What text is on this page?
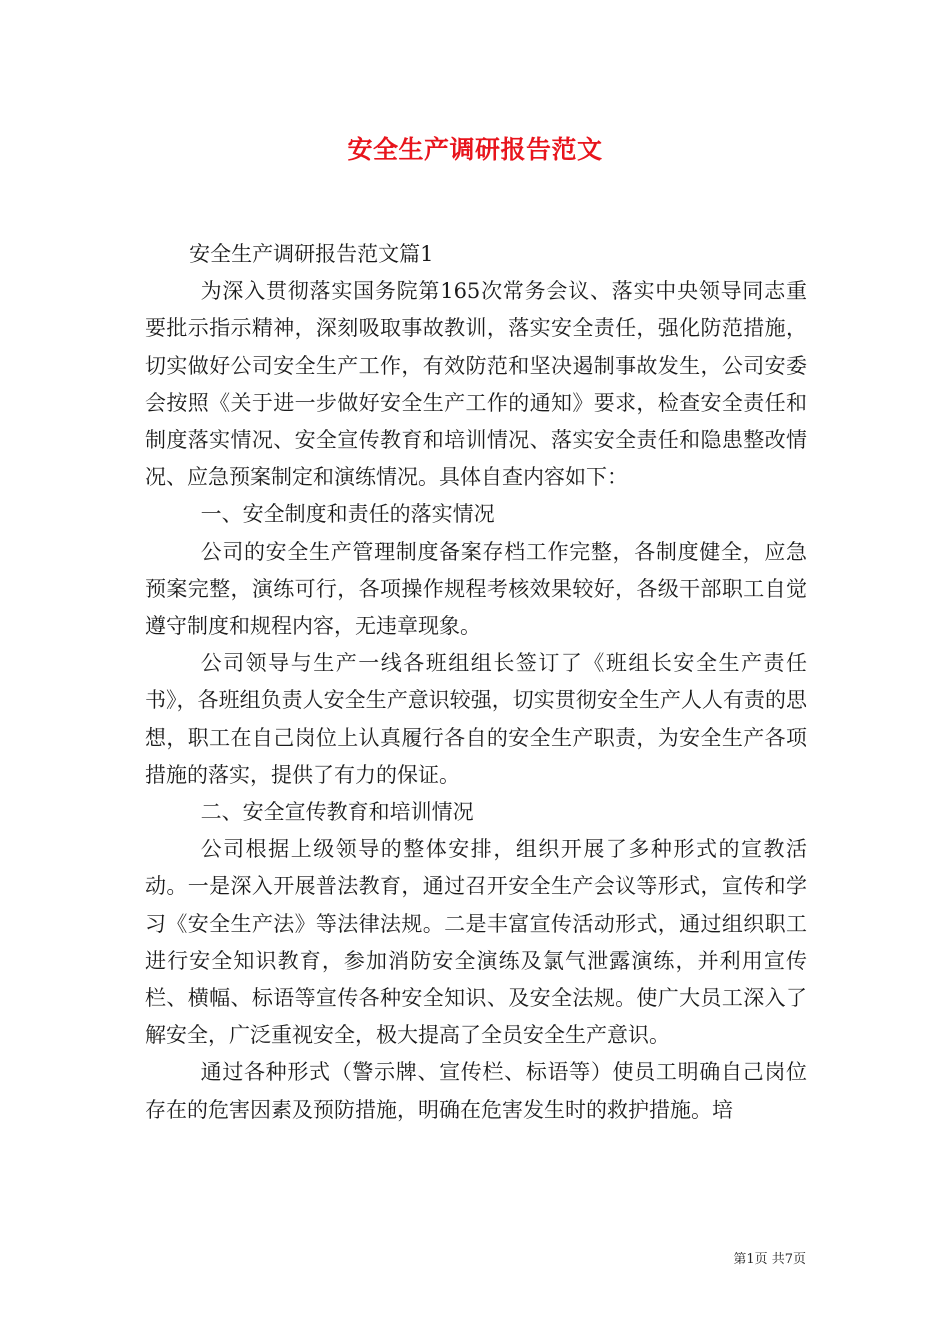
安全生产调研报告范文

安全生产调研报告范文篇1

为深入贯彻落实国务院第165次常务会议、落实中央领导同志重要批示指示精神，深刻吸取事故教训，落实安全责任，强化防范措施，切实做好公司安全生产工作，有效防范和坚决遏制事故发生，公司安委会按照《关于进一步做好安全生产工作的通知》要求，检查安全责任和制度落实情况、安全宣传教育和培训情况、落实安全责任和隐患整改情况、应急预案制定和演练情况。具体自查内容如下：

一、安全制度和责任的落实情况

公司的安全生产管理制度备案存档工作完整，各制度健全，应急预案完整，演练可行，各项操作规程考核效果较好，各级干部职工自觉遵守制度和规程内容，无违章现象。

公司领导与生产一线各班组组长签订了《班组长安全生产责任书》，各班组负责人安全生产意识较强，切实贯彻安全生产人人有责的思想，职工在自己岗位上认真履行各自的安全生产职责，为安全生产各项措施的落实，提供了有力的保证。

二、安全宣传教育和培训情况

公司根据上级领导的整体安排，组织开展了多种形式的宣教活动。一是深入开展普法教育，通过召开安全生产会议等形式，宣传和学习《安全生产法》等法律法规。二是丰富宣传活动形式，通过组织职工进行安全知识教育，参加消防安全演练及氯气泄露演练，并利用宣传栏、横幅、标语等宣传各种安全知识、及安全法规。使广大员工深入了解安全，广泛重视安全，极大提高了全员安全生产意识。

通过各种形式（警示牌、宣传栏、标语等）使员工明确自己岗位存在的危害因素及预防措施，明确在危害发生时的救护措施。培

第1页 共7页
